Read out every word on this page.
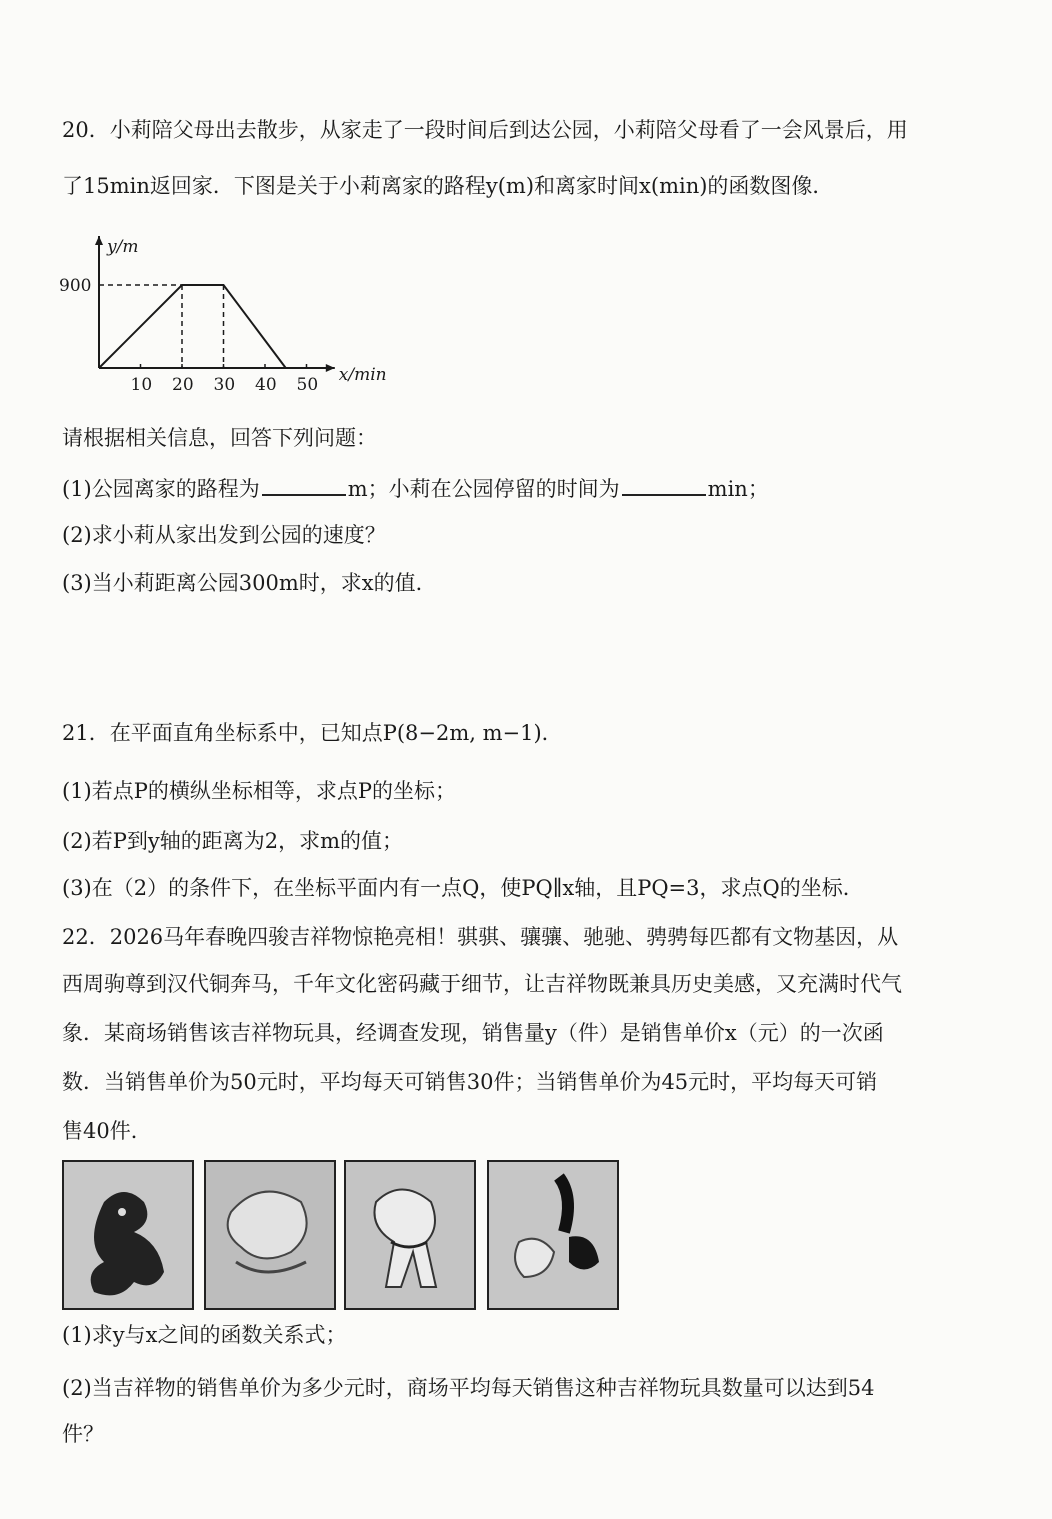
20．小莉陪父母出去散步，从家走了一段时间后到达公园，小莉陪父母看了一会风景后，用
了15min返回家．下图是关于小莉离家的路程y(m)和离家时间x(min)的函数图像．
y/m
x/min
900
10 20 30 40 50
请根据相关信息，回答下列问题：
(1)公园离家的路程为	m；小莉在公园停留的时间为	min；
(2)求小莉从家出发到公园的速度？
(3)当小莉距离公园300m时，求x的值．
21．在平面直角坐标系中，已知点P(8−2m, m−1)．
(1)若点P的横纵坐标相等，求点P的坐标；
(2)若P到y轴的距离为2，求m的值；
(3)在（2）的条件下，在坐标平面内有一点Q，使PQ∥x轴，且PQ=3，求点Q的坐标．
22．2026马年春晚四骏吉祥物惊艳亮相！骐骐、骧骧、驰驰、骋骋每匹都有文物基因，从
西周驹尊到汉代铜奔马，千年文化密码藏于细节，让吉祥物既兼具历史美感，又充满时代气
象．某商场销售该吉祥物玩具，经调查发现，销售量y（件）是销售单价x（元）的一次函
数．当销售单价为50元时，平均每天可销售30件；当销售单价为45元时，平均每天可销
售40件．
(1)求y与x之间的函数关系式；
(2)当吉祥物的销售单价为多少元时，商场平均每天销售这种吉祥物玩具数量可以达到54
件？
